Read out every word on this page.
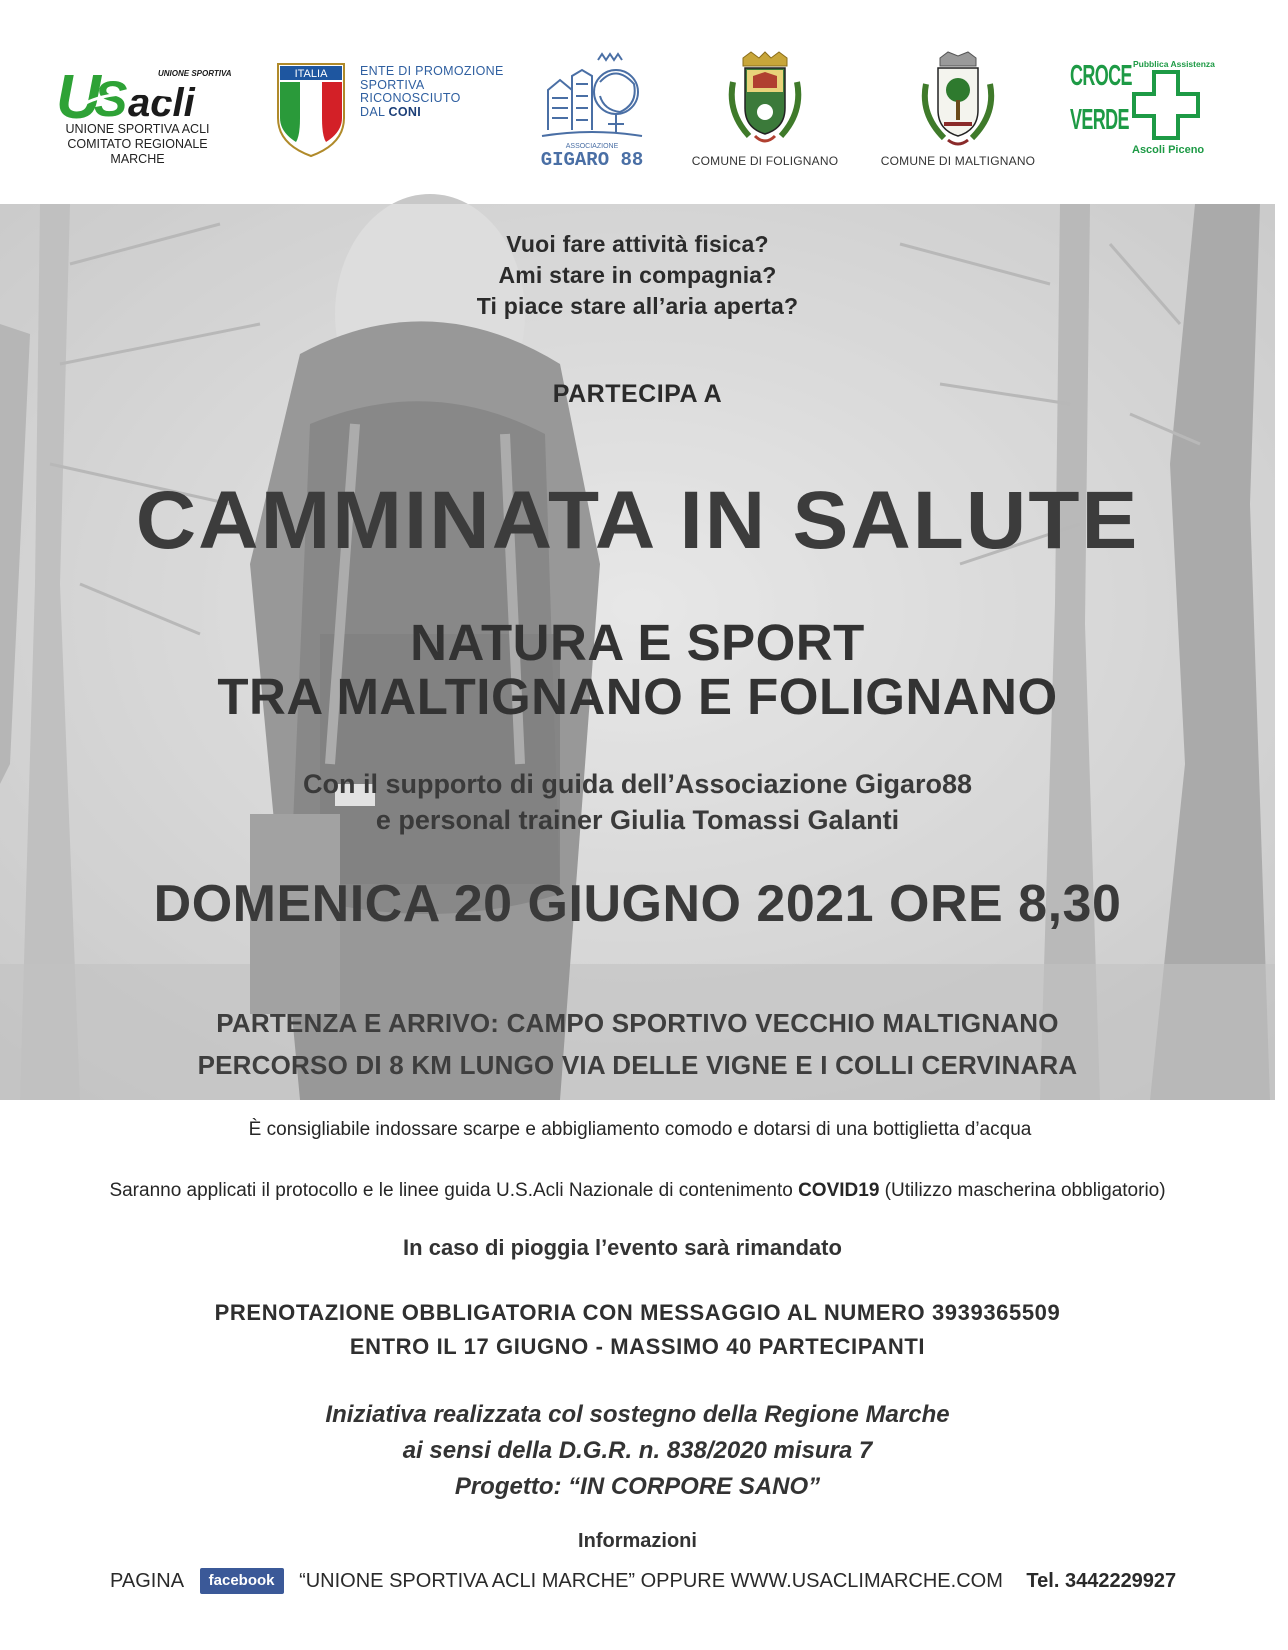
U
S acli
UNIONE SPORTIVA
UNIONE SPORTIVA ACLI
COMITATO REGIONALE
MARCHE
ITALIA	ENTE DI PROMOZIONE
SPORTIVA
RICONOSCIUTO
DAL CONI
ASSOCIAZIONE
GIGARO 88	COMUNE DI FOLIGNANO	COMUNE DI MALTIGNANO
CROCE
VERDE
Pubblica Assistenza
Ascoli Piceno
Vuoi fare attività fisica?
Ami stare in compagnia?
Ti piace stare all’aria aperta?
PARTECIPA A
CAMMINATA IN SALUTE
NATURA E SPORT
TRA MALTIGNANO E FOLIGNANO
Con il supporto di guida dell’Associazione Gigaro88
e personal trainer Giulia Tomassi Galanti
DOMENICA 20 GIUGNO 2021 ORE 8,30
PARTENZA E ARRIVO: CAMPO SPORTIVO VECCHIO MALTIGNANO
PERCORSO DI 8 KM LUNGO VIA DELLE VIGNE E I COLLI CERVINARA
È consigliabile indossare scarpe e abbigliamento comodo e dotarsi di una bottiglietta d’acqua
Saranno applicati il protocollo e le linee guida U.S.Acli Nazionale di contenimento COVID19 (Utilizzo mascherina obbligatorio)
In caso di pioggia l’evento sarà rimandato
PRENOTAZIONE OBBLIGATORIA CON MESSAGGIO AL NUMERO 3939365509
ENTRO IL 17 GIUGNO - MASSIMO 40 PARTECIPANTI
Iniziativa realizzata col sostegno della Regione Marche
ai sensi della D.G.R. n. 838/2020 misura 7
Progetto: “IN CORPORE SANO”
Informazioni
PAGINA facebook “UNIONE SPORTIVA ACLI MARCHE” OPPURE WWW.USACLIMARCHE.COM Tel. 3442229927
